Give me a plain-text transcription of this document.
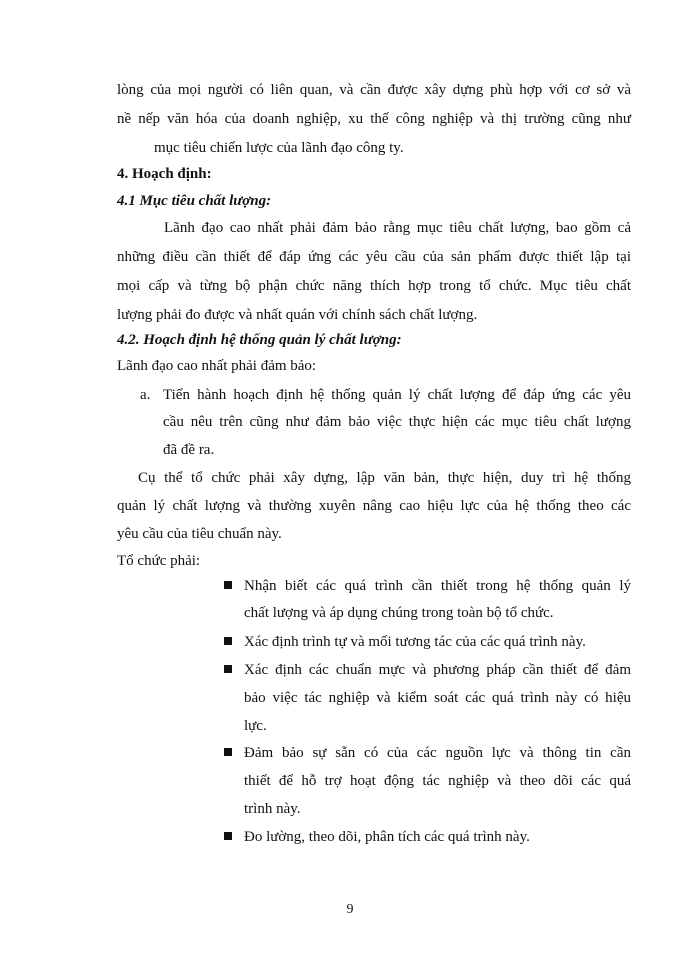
lòng của mọi người có liên quan, và cần được xây dựng phù hợp với cơ sở và
nề nếp văn hóa của doanh nghiệp, xu thế công nghiệp và thị trường cũng như
mục tiêu chiến lược của lãnh đạo công ty.
4. Hoạch định:
4.1 Mục tiêu chất lượng:
Lãnh đạo cao nhất phải đảm bảo rằng mục tiêu chất lượng, bao gồm cả
những điều cần thiết để đáp ứng các yêu cầu của sản phẩm được thiết lập tại
mọi cấp và từng bộ phận chức năng thích hợp trong tổ chức. Mục tiêu chất
lượng phải đo được và nhất quán với chính sách chất lượng.
4.2. Hoạch định hệ thống quản lý chất lượng:
Lãnh đạo cao nhất phải đảm bảo:
a. Tiến hành hoạch định hệ thống quản lý chất lượng để đáp ứng các yêu
cầu nêu trên cũng như đảm bảo việc thực hiện các mục tiêu chất lượng
đã đề ra.
Cụ thể tổ chức phải xây dựng, lập văn bản, thực hiện, duy trì hệ thống
quản lý chất lượng và thường xuyên nâng cao hiệu lực của hệ thống theo các
yêu cầu của tiêu chuẩn này.
Tổ chức phải:
Nhận biết các quá trình cần thiết trong hệ thống quản lý
chất lượng và áp dụng chúng trong toàn bộ tổ chức.
Xác định trình tự và mối tương tác của các quá trình này.
Xác định các chuẩn mực và phương pháp cần thiết để đảm
bảo việc tác nghiệp và kiểm soát các quá trình này có hiệu
lực.
Đảm bảo sự sẵn có của các nguồn lực và thông tin cần
thiết để hỗ trợ hoạt động tác nghiệp và theo dõi các quá
trình này.
Đo lường, theo dõi, phân tích các quá trình này.
9
